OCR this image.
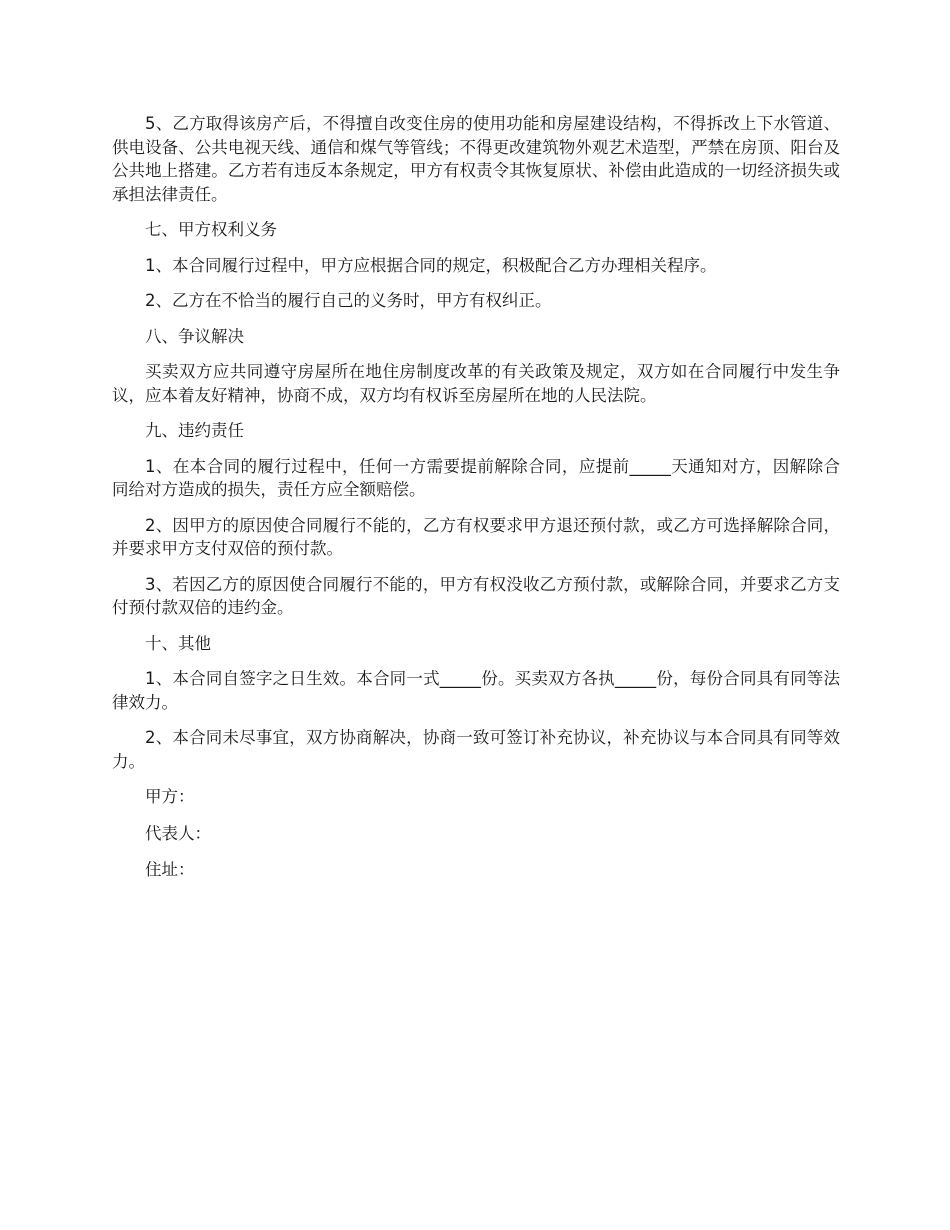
5、乙方取得该房产后，不得擅自改变住房的使用功能和房屋建设结构，不得拆改上下水管道、供电设备、公共电视天线、通信和煤气等管线；不得更改建筑物外观艺术造型，严禁在房顶、阳台及公共地上搭建。乙方若有违反本条规定，甲方有权责令其恢复原状、补偿由此造成的一切经济损失或承担法律责任。

七、甲方权利义务

1、本合同履行过程中，甲方应根据合同的规定，积极配合乙方办理相关程序。

2、乙方在不恰当的履行自己的义务时，甲方有权纠正。

八、争议解决

买卖双方应共同遵守房屋所在地住房制度改革的有关政策及规定，双方如在合同履行中发生争议，应本着友好精神，协商不成，双方均有权诉至房屋所在地的人民法院。

九、违约责任

1、在本合同的履行过程中，任何一方需要提前解除合同，应提前_____天通知对方，因解除合同给对方造成的损失，责任方应全额赔偿。

2、因甲方的原因使合同履行不能的，乙方有权要求甲方退还预付款，或乙方可选择解除合同，并要求甲方支付双倍的预付款。

3、若因乙方的原因使合同履行不能的，甲方有权没收乙方预付款，或解除合同，并要求乙方支付预付款双倍的违约金。

十、其他

1、本合同自签字之日生效。本合同一式_____份。买卖双方各执_____份，每份合同具有同等法律效力。

2、本合同未尽事宜，双方协商解决，协商一致可签订补充协议，补充协议与本合同具有同等效力。

甲方：

代表人：

住址：
